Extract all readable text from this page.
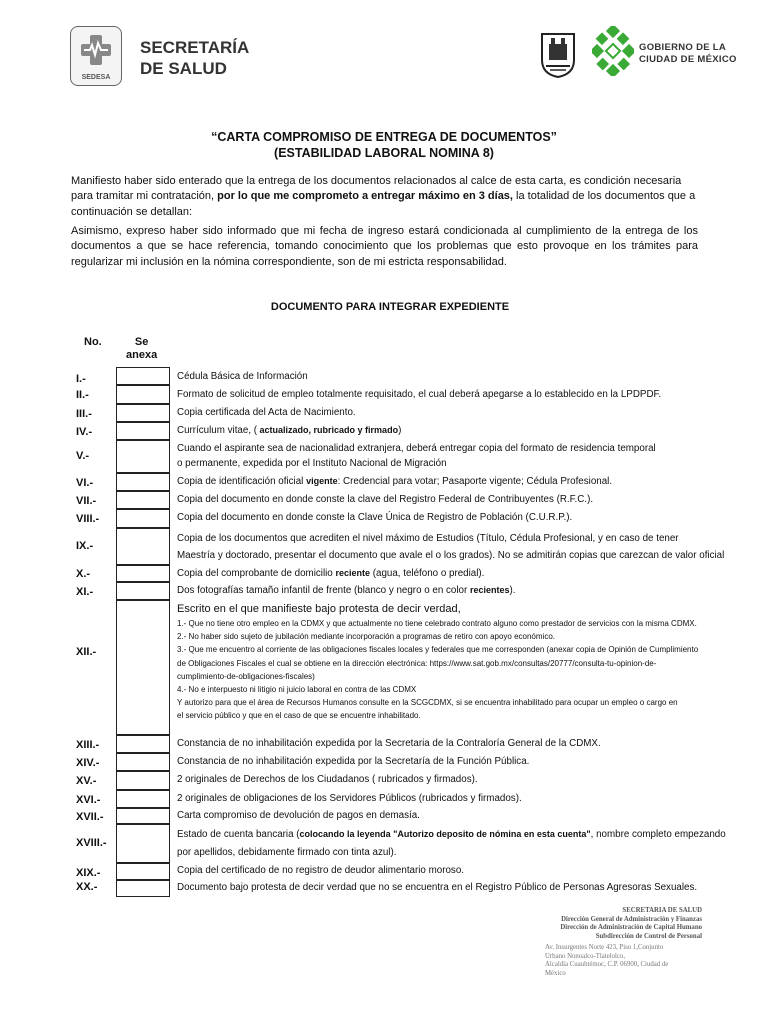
SEDESA
SECRETARÍA
DE SALUD
GOBIERNO DE LA
CIUDAD DE MÉXICO
“CARTA COMPROMISO DE ENTREGA DE DOCUMENTOS”
(ESTABILIDAD LABORAL NOMINA 8)
Manifiesto haber sido enterado que la entrega de los documentos relacionados al calce de esta carta, es condición necesaria para tramitar mi contratación, por lo que me comprometo a entregar máximo en 3 días, la totalidad de los documentos que a continuación se detallan:
Asimismo, expreso haber sido informado que mi fecha de ingreso estará condicionada al cumplimiento de la entrega de los documentos a que se hace referencia, tomando conocimiento que los problemas que esto provoque en los trámites para regularizar mi inclusión en la nómina correspondiente, son de mi estricta responsabilidad.
DOCUMENTO PARA INTEGRAR EXPEDIENTE
No.	Se
anexa
I.-	Cédula Básica de Información
II.-	Formato de solicitud de empleo totalmente requisitado, el cual deberá apegarse a lo establecido en la LPDPDF.
III.-	Copia certificada del Acta de Nacimiento.
IV.-	Currículum vitae, ( actualizado, rubricado y firmado)
V.-
Cuando el aspirante sea de nacionalidad extranjera, deberá entregar copia del formato de residencia temporal
o permanente, expedida por el Instituto Nacional de Migración
VI.-	Copia de identificación oficial vigente: Credencial para votar; Pasaporte vigente; Cédula Profesional.
VII.-	Copia del documento en donde conste la clave del Registro Federal de Contribuyentes (R.F.C.).
VIII.-	Copia del documento en donde conste la Clave Única de Registro de Población (C.U.R.P.).
IX.-
Copia de los documentos que acrediten el nivel máximo de Estudios (Título, Cédula Profesional, y en caso de tener
Maestría y doctorado, presentar el documento que avale el o los grados). No se admitirán copias que carezcan de valor oficial
X.-	Copia del comprobante de domicilio reciente (agua, teléfono o predial).
XI.-	Dos fotografías tamaño infantil de frente (blanco y negro o en color recientes).
XII.-
Escrito en el que manifieste bajo protesta de decir verdad,
1.- Que no tiene otro empleo en la CDMX y que actualmente no tiene celebrado contrato alguno como prestador de servicios con la misma CDMX.
2.- No haber sido sujeto de jubilación mediante incorporación a programas de retiro con apoyo económico.
3.- Que me encuentro al corriente de las obligaciones fiscales locales y federales que me corresponden (anexar copia de Opinión de Cumplimiento
de Obligaciones Fiscales el cual se obtiene en la dirección electrónica: https://www.sat.gob.mx/consultas/20777/consulta-tu-opinion-de-
cumplimiento-de-obligaciones-fiscales)
4.- No e interpuesto ni litigio ni juicio laboral en contra de las CDMX
Y autorizo para que el área de Recursos Humanos consulte en la SCGCDMX, si se encuentra inhabilitado para ocupar un empleo o cargo en
el servicio público y que en el caso de que se encuentre inhabilitado.
XIII.-	Constancia de no inhabilitación expedida por la Secretaria de la Contraloría General de la CDMX.
XIV.-	Constancia de no inhabilitación expedida por la Secretaría de la Función Pública.
XV.-	2 originales de Derechos de los Ciudadanos ( rubricados y firmados).
XVI.-	2 originales de obligaciones de los Servidores Públicos (rubricados y firmados).
XVII.-	Carta compromiso de devolución de pagos en demasía.
XVIII.-
Estado de cuenta bancaria (colocando la leyenda "Autorizo deposito de nómina en esta cuenta", nombre completo empezando
por apellidos, debidamente firmado con tinta azul).
XIX.-	Copia del certificado de no registro de deudor alimentario moroso.
XX.-	Documento bajo protesta de decir verdad que no se encuentra en el Registro Público de Personas Agresoras Sexuales.
SECRETARIA DE SALUD
Dirección General de Administración y Finanzas
Dirección de Administración de Capital Humano
Subdirección de Control de Personal
Av. Insurgentes Norte 423, Piso 1,Conjunto
Urbano Nonoalco-Tlatelolco,
Alcaldía Cuauhtémoc, C.P. 06900, Ciudad de
México
